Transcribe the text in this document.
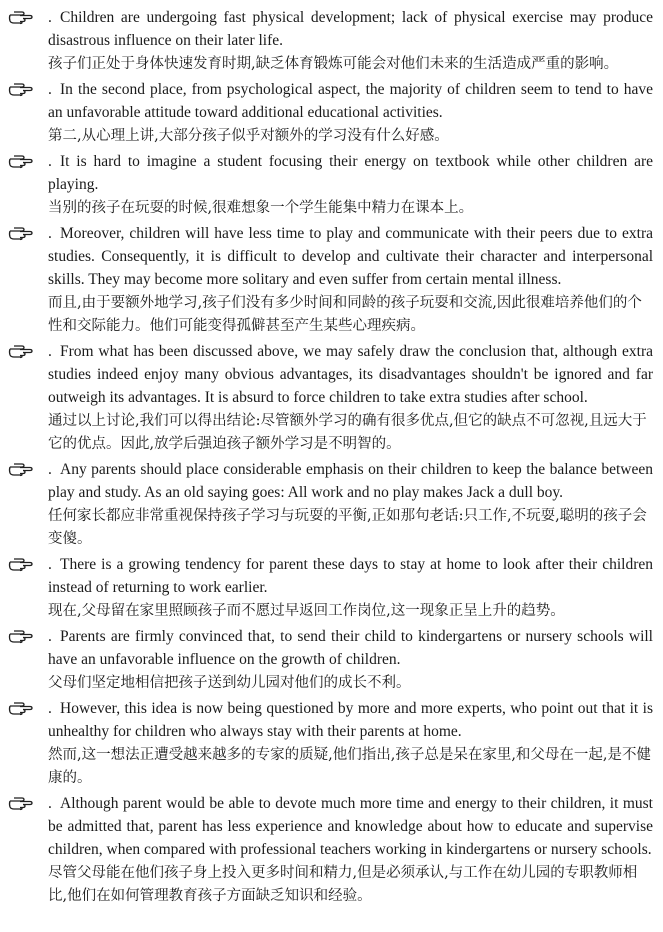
. Children are undergoing fast physical development; lack of physical exercise may produce disastrous influence on their later life.
孩子们正处于身体快速发育时期,缺乏体育锻炼可能会对他们未来的生活造成严重的影响。
. In the second place, from psychological aspect, the majority of children seem to tend to have an unfavorable attitude toward additional educational activities.
第二,从心理上讲,大部分孩子似乎对额外的学习没有什么好感。
. It is hard to imagine a student focusing their energy on textbook while other children are playing.
当别的孩子在玩耍的时候,很难想象一个学生能集中精力在课本上。
. Moreover, children will have less time to play and communicate with their peers due to extra studies. Consequently, it is difficult to develop and cultivate their character and interpersonal skills. They may become more solitary and even suffer from certain mental illness.
而且,由于要额外地学习,孩子们没有多少时间和同龄的孩子玩耍和交流,因此很难培养他们的个性和交际能力。他们可能变得孤僻甚至产生某些心理疾病。
. From what has been discussed above, we may safely draw the conclusion that, although extra studies indeed enjoy many obvious advantages, its disadvantages shouldn't be ignored and far outweigh its advantages. It is absurd to force children to take extra studies after school.
通过以上讨论,我们可以得出结论:尽管额外学习的确有很多优点,但它的缺点不可忽视,且远大于它的优点。因此,放学后强迫孩子额外学习是不明智的。
. Any parents should place considerable emphasis on their children to keep the balance between play and study. As an old saying goes: All work and no play makes Jack a dull boy.
任何家长都应非常重视保持孩子学习与玩耍的平衡,正如那句老话:只工作,不玩耍,聪明的孩子会变傻。
. There is a growing tendency for parent these days to stay at home to look after their children instead of returning to work earlier.
现在,父母留在家里照顾孩子而不愿过早返回工作岗位,这一现象正呈上升的趋势。
. Parents are firmly convinced that, to send their child to kindergartens or nursery schools will have an unfavorable influence on the growth of children.
父母们坚定地相信把孩子送到幼儿园对他们的成长不利。
. However, this idea is now being questioned by more and more experts, who point out that it is unhealthy for children who always stay with their parents at home.
然而,这一想法正遭受越来越多的专家的质疑,他们指出,孩子总是呆在家里,和父母在一起,是不健康的。
. Although parent would be able to devote much more time and energy to their children, it must be admitted that, parent has less experience and knowledge about how to educate and supervise children, when compared with professional teachers working in kindergartens or nursery schools.
尽管父母能在他们孩子身上投入更多时间和精力,但是必须承认,与工作在幼儿园的专职教师相比,他们在如何管理教育孩子方面缺乏知识和经验。
